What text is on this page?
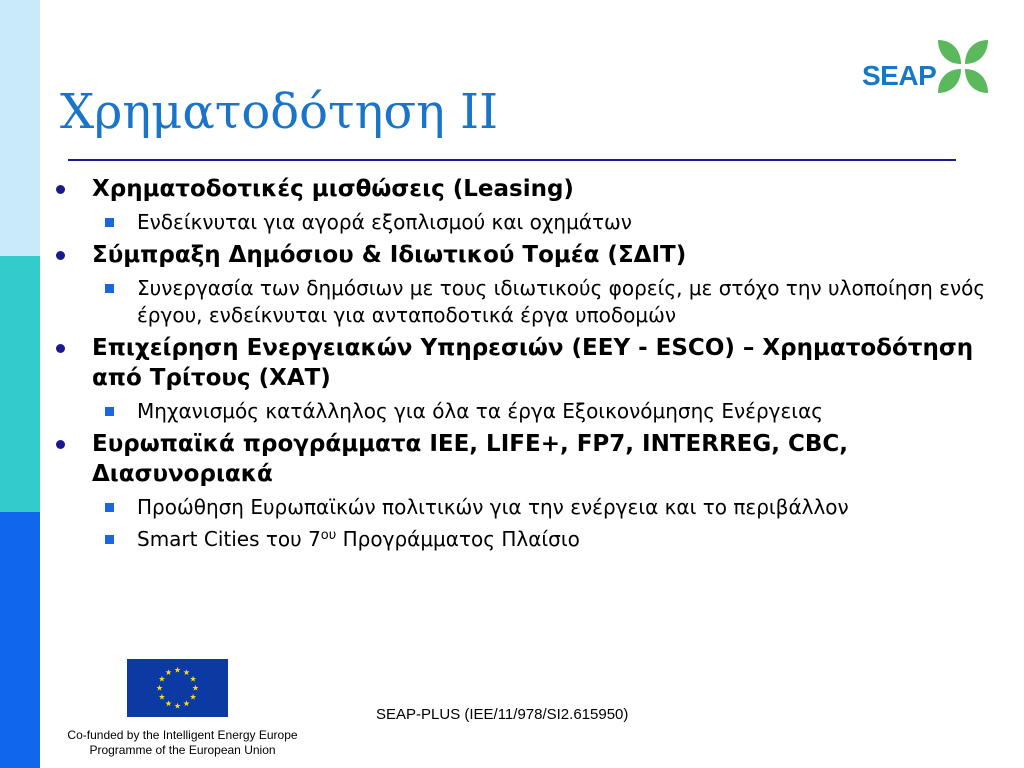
SEAP
Χρηματοδότηση ΙΙ
Χρηματοδοτικές μισθώσεις (Leasing)
Ενδείκνυται για αγορά εξοπλισμού και οχημάτων
Σύμπραξη Δημόσιου & Ιδιωτικού Τομέα (ΣΔΙΤ)
Συνεργασία των δημόσιων με τους ιδιωτικούς φορείς, με στόχο την υλοποίηση ενός έργου, ενδείκνυται για ανταποδοτικά έργα υποδομών
Επιχείρηση Ενεργειακών Υπηρεσιών (ΕΕΥ - ESCO) – Χρηματοδότηση από Τρίτους (ΧΑΤ)
Μηχανισμός κατάλληλος για όλα τα έργα Εξοικονόμησης Ενέργειας
Ευρωπαϊκά προγράμματα ΙΕΕ, LIFE+, FP7, INTERREG, CBC, Διασυνοριακά
Προώθηση Ευρωπαϊκών πολιτικών για την ενέργεια και το περιβάλλον
Smart Cities του $7^{o\upsilon}$ Προγράμματος Πλαίσιο
Co-funded by the Intelligent Energy Europe
Programme of the European Union
SEAP-PLUS (IEE/11/978/SI2.615950)
